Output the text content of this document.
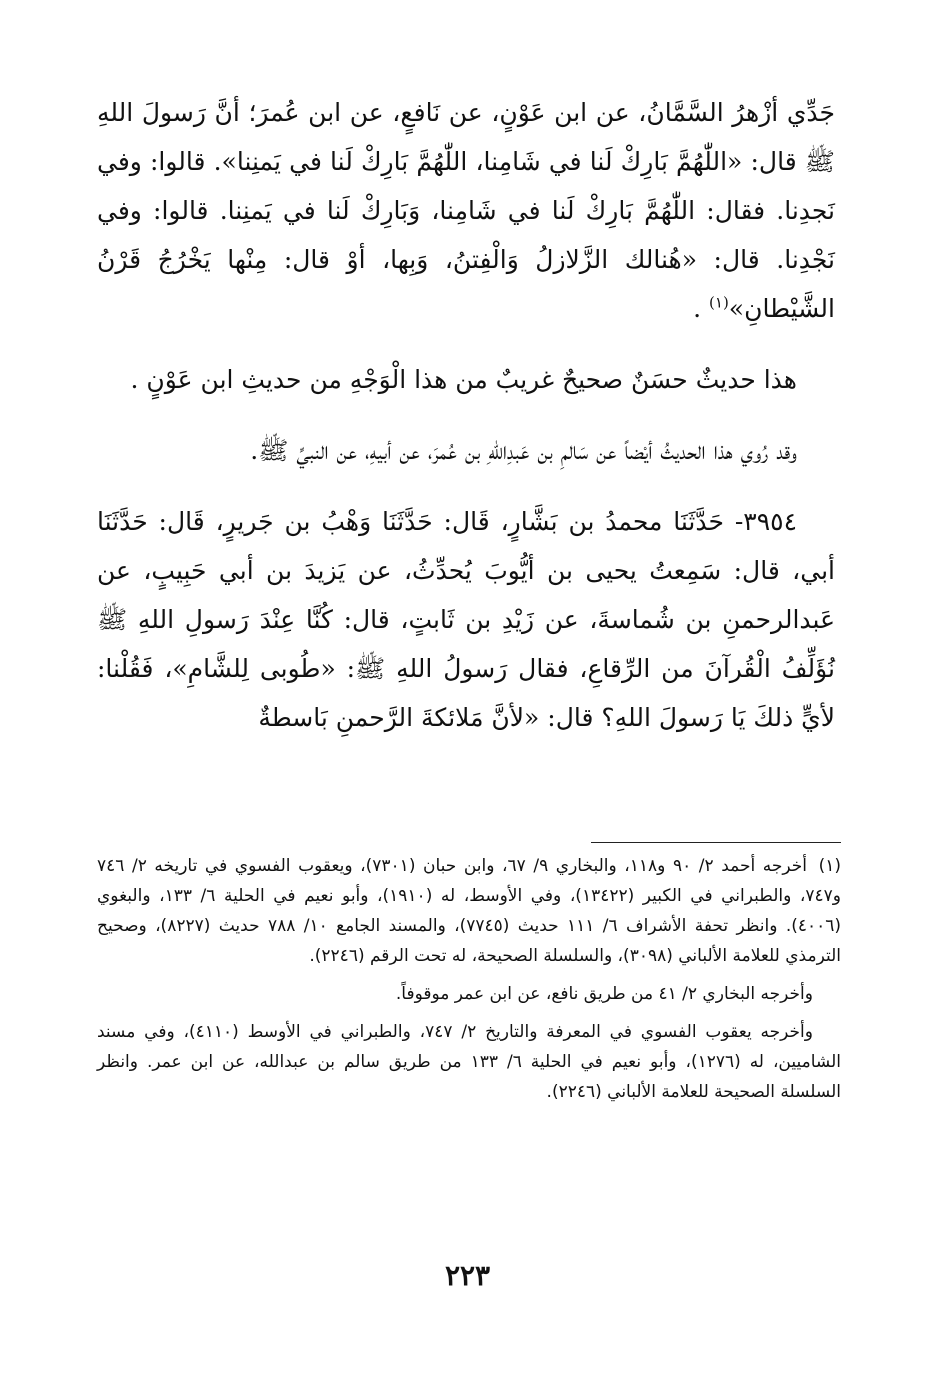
جَدِّي أزْهرُ السَّمَّانُ، عن ابن عَوْنٍ، عن نَافعٍ، عن ابن عُمرَ؛ أنَّ رَسولَ اللهِ ﷺ قال: «اللّٰهُمَّ بَارِكْ لَنا في شَامِنا، اللّٰهُمَّ بَارِكْ لَنا في يَمنِنا». قالوا: وفي نَجدِنا. فقال: اللّٰهُمَّ بَارِكْ لَنا في شَامِنا، وَبَارِكْ لَنا في يَمنِنا. قالوا: وفي نَجْدِنا. قال: «هُنالك الزَّلازلُ وَالْفِتنُ، وَبِها، أوْ قال: مِنْها يَخْرُجُ قَرْنُ الشَّيْطانِ»$^{(١)}$ .

هذا حديثٌ حسَنٌ صحيحٌ غريبٌ من هذا الْوَجْهِ من حديثِ ابن عَوْنٍ .

وقد رُوي هذا الحديثُ أيْضاً عن سَالمِ بن عَبدِاللهِ بن عُمرَ، عن أبيهِ، عن النبيِّ ﷺ.

٣٩٥٤- حَدَّثَنَا محمدُ بن بَشَّارٍ، قَال: حَدَّثَنَا وَهْبُ بن جَريرٍ، قَال: حَدَّثَنَا أبي، قال: سَمِعتُ يحيى بن أيُّوبَ يُحدِّثُ، عن يَزيدَ بن أبي حَبِيبٍ، عن عَبدالرحمنِ بن شُماسةَ، عن زَيْدِ بن ثَابتٍ، قال: كُنَّا عِنْدَ رَسولِ اللهِ ﷺ نُؤَلِّفُ الْقُرآنَ من الرِّقاعِ، فقال رَسولُ اللهِ ﷺ: «طُوبى لِلشَّامِ»، فَقُلْنا: لأيٍّ ذلكَ يَا رَسولَ اللهِ؟ قال: «لأنَّ مَلائكةَ الرَّحمنِ بَاسطةٌ

(١)أخرجه أحمد ٢/ ٩٠ و١١٨، والبخاري ٩/ ٦٧، وابن حبان (٧٣٠١)، ويعقوب الفسوي في تاريخه ٢/ ٧٤٦ و٧٤٧، والطبراني في الكبير (١٣٤٢٢)، وفي الأوسط، له (١٩١٠)، وأبو نعيم في الحلية ٦/ ١٣٣، والبغوي (٤٠٠٦). وانظر تحفة الأشراف ٦/ ١١١ حديث (٧٧٤٥)، والمسند الجامع ١٠/ ٧٨٨ حديث (٨٢٢٧)، وصحيح الترمذي للعلامة الألباني (٣٠٩٨)، والسلسلة الصحيحة، له تحت الرقم (٢٢٤٦).

وأخرجه البخاري ٢/ ٤١ من طريق نافع، عن ابن عمر موقوفاً.

وأخرجه يعقوب الفسوي في المعرفة والتاريخ ٢/ ٧٤٧، والطبراني في الأوسط (٤١١٠)، وفي مسند الشاميين، له (١٢٧٦)، وأبو نعيم في الحلية ٦/ ١٣٣ من طريق سالم بن عبدالله، عن ابن عمر. وانظر السلسلة الصحيحة للعلامة الألباني (٢٢٤٦).

٢٢٣
